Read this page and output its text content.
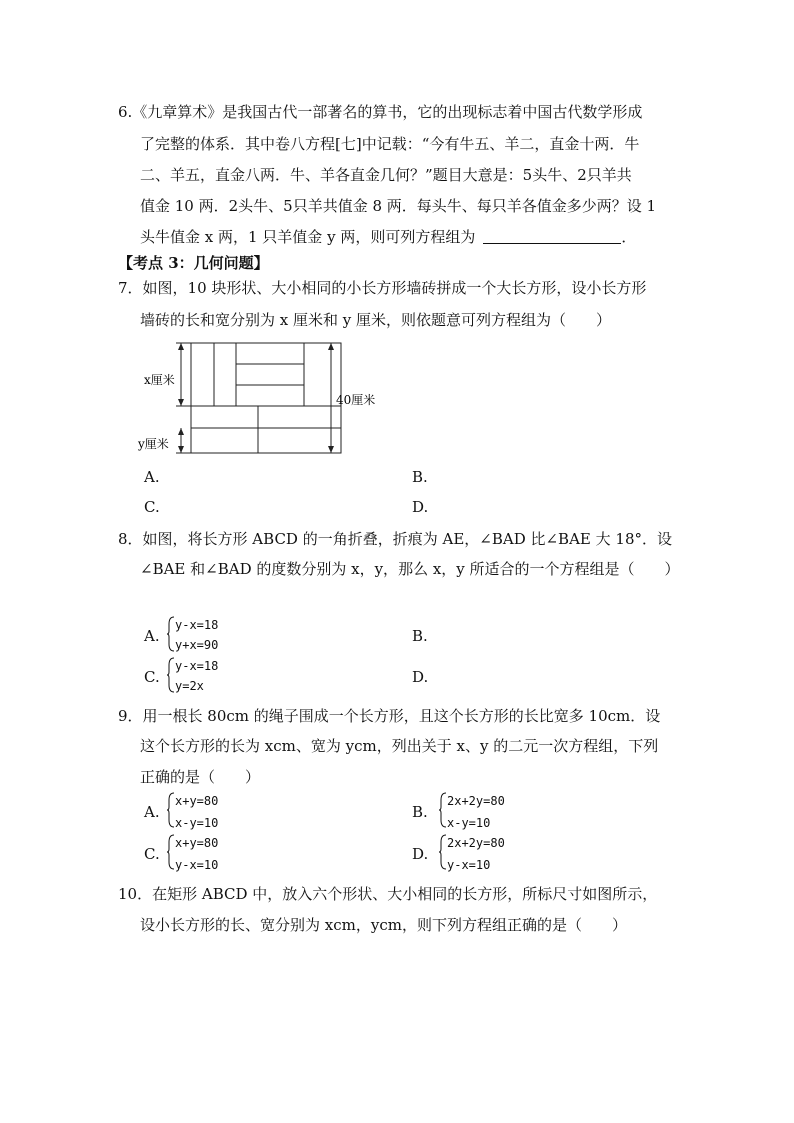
6.《九章算术》是我国古代一部著名的算书，它的出现标志着中国古代数学形成
了完整的体系．其中卷八方程[七]中记载：“今有牛五、羊二，直金十两．牛
二、羊五，直金八两．牛、羊各直金几何？”题目大意是：5头牛、2只羊共
值金 10 两．2头牛、5只羊共值金 8 两．每头牛、每只羊各值金多少两？设 1
头牛值金 x 两，1 只羊值金 y 两，则可列方程组为	．
【考点 3：几何问题】
7．如图，10 块形状、大小相同的小长方形墙砖拼成一个大长方形，设小长方形
墙砖的长和宽分别为 x 厘米和 y 厘米，则依题意可列方程组为（　　）
x厘米
y厘米
40厘米
A.	B.
C.	D.
8．如图，将长方形 ABCD 的一角折叠，折痕为 AE，∠BAD 比∠BAE 大 18°．设
∠BAE 和∠BAD 的度数分别为 x，y，那么 x，y 所适合的一个方程组是（　　）
A.
y-x=18
y+x=90	B.
C.
y-x=18
y=2x	D.
9．用一根长 80cm 的绳子围成一个长方形，且这个长方形的长比宽多 10cm．设
这个长方形的长为 xcm、宽为 ycm，列出关于 x、y 的二元一次方程组，下列
正确的是（　　）
A.
x+y=80
x-y=10
B.
2x+2y=80
x-y=10
C.
x+y=80
y-x=10
D.
2x+2y=80
y-x=10
10．在矩形 ABCD 中，放入六个形状、大小相同的长方形，所标尺寸如图所示，
设小长方形的长、宽分别为 xcm，ycm，则下列方程组正确的是（　　）
